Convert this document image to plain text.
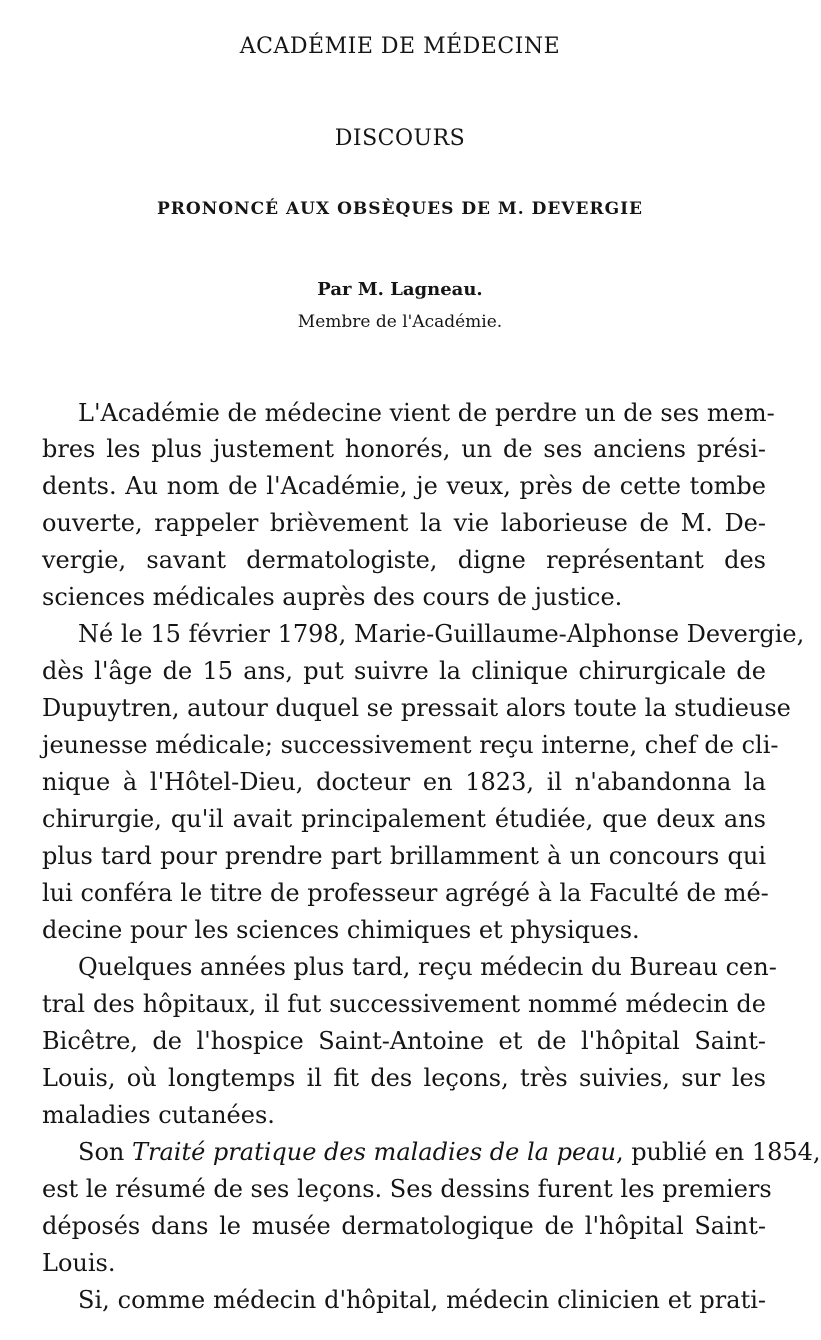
ACADÉMIE DE MÉDECINE
DISCOURS
PRONONCÉ AUX OBSÈQUES DE M. DEVERGIE
Par M. Lagneau.
Membre de l'Académie.
L'Académie de médecine vient de perdre un de ses mem-
bres les plus justement honorés, un de ses anciens prési-
dents. Au nom de l'Académie, je veux, près de cette tombe
ouverte, rappeler brièvement la vie laborieuse de M. De-
vergie, savant dermatologiste, digne représentant des
sciences médicales auprès des cours de justice.
Né le 15 février 1798, Marie-Guillaume-Alphonse Devergie,
dès l'âge de 15 ans, put suivre la clinique chirurgicale de
Dupuytren, autour duquel se pressait alors toute la studieuse
jeunesse médicale; successivement reçu interne, chef de cli-
nique à l'Hôtel-Dieu, docteur en 1823, il n'abandonna la
chirurgie, qu'il avait principalement étudiée, que deux ans
plus tard pour prendre part brillamment à un concours qui
lui conféra le titre de professeur agrégé à la Faculté de mé-
decine pour les sciences chimiques et physiques.
Quelques années plus tard, reçu médecin du Bureau cen-
tral des hôpitaux, il fut successivement nommé médecin de
Bicêtre, de l'hospice Saint-Antoine et de l'hôpital Saint-
Louis, où longtemps il fit des leçons, très suivies, sur les
maladies cutanées.
Son Traité pratique des maladies de la peau, publié en 1854,
est le résumé de ses leçons. Ses dessins furent les premiers
déposés dans le musée dermatologique de l'hôpital Saint-
Louis.
Si, comme médecin d'hôpital, médecin clinicien et prati-
